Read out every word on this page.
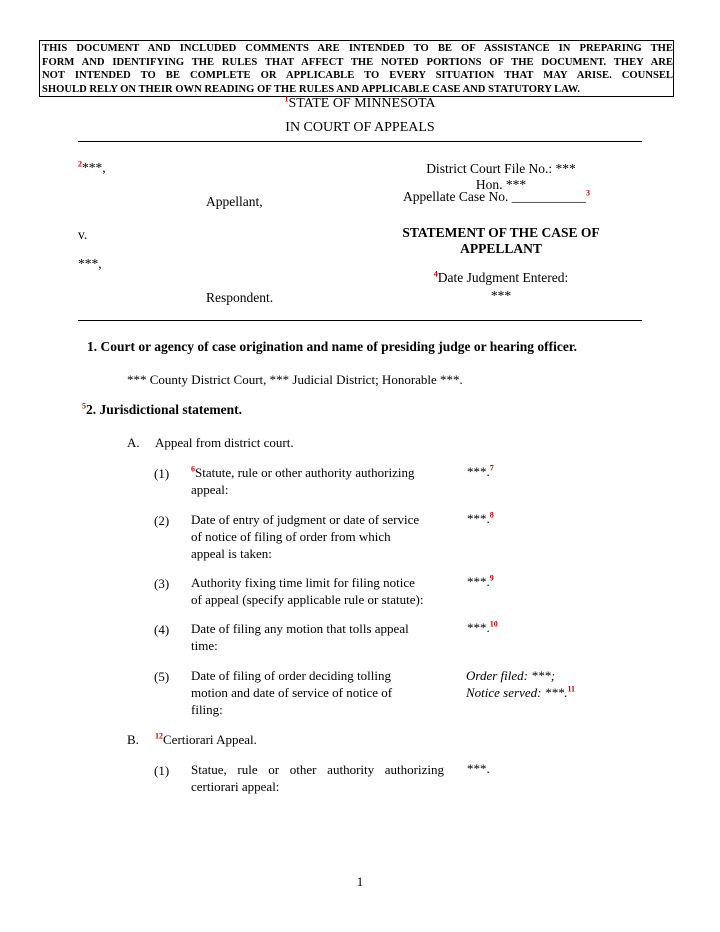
THIS DOCUMENT AND INCLUDED COMMENTS ARE INTENDED TO BE OF ASSISTANCE IN PREPARING THE
FORM AND IDENTIFYING THE RULES THAT AFFECT THE NOTED PORTIONS OF THE DOCUMENT. THEY ARE
NOT INTENDED TO BE COMPLETE OR APPLICABLE TO EVERY SITUATION THAT MAY ARISE. COUNSEL
SHOULD RELY ON THEIR OWN READING OF THE RULES AND APPLICABLE CASE AND STATUTORY LAW.
$^1$STATE OF MINNESOTA
IN COURT OF APPEALS
$^2$***,
Appellant,
v.
***,
Respondent.
District Court File No.: ***
Hon. ***
Appellate Case No. ___________$^3$
STATEMENT OF THE CASE OF
APPELLANT
$^4$Date Judgment Entered:
***
1. Court or agency of case origination and name of presiding judge or hearing officer.
*** County District Court, *** Judicial District; Honorable ***.
$^5$2. Jurisdictional statement.
A. Appeal from district court.
(1)	$^6$Statute, rule or other authority authorizing
appeal:
***.$^7$
(2) Date of entry of judgment or date of service
of notice of filing of order from which
appeal is taken:
***.$^8$
(3) Authority fixing time limit for filing notice
of appeal (specify applicable rule or statute):
***.$^9$
(4) Date of filing any motion that tolls appeal
time:
***.$^{10}$
(5) Date of filing of order deciding tolling
motion and date of service of notice of
filing:
Order filed: ***;
Notice served: ***.$^{11}$
B. $^{12}$Certiorari Appeal.
(1) Statue, rule or other authority authorizing
certiorari appeal:
***.
1
